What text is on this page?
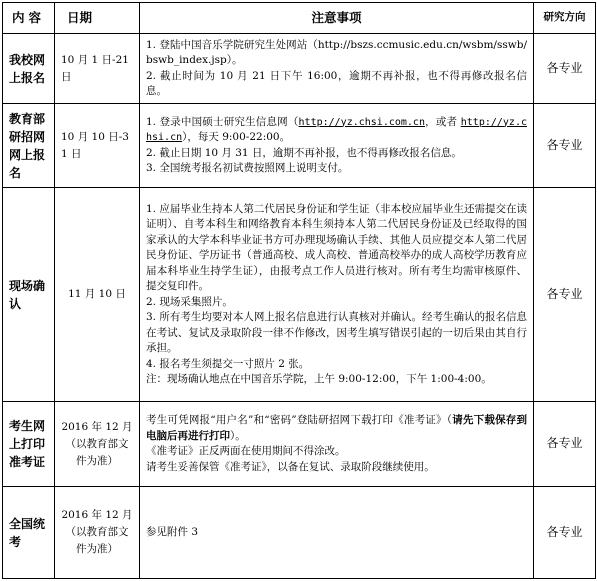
内容	日期	注意事项	研究方向
我校网上报名	10 月 1 日-21 日	1. 登陆中国音乐学院研究生处网站（http://bszs.ccmusic.edu.cn/wsbm/sswb/bswb_index.jsp）。
2. 截止时间为 10 月 21 日下午 16:00，逾期不再补报，也不得再修改报名信息。	各专业
教育部研招网网上报名	10 月 10 日-31 日	1. 登录中国硕士研究生信息网（http://yz.chsi.com.cn，或者 http://yz.chsi.cn），每天 9:00-22:00。
2. 截止日期 10 月 31 日，逾期不再补报，也不得再修改报名信息。
3. 全国统考报名初试费按照网上说明支付。	各专业
现场确认	11 月 10 日	1. 应届毕业生持本人第二代居民身份证和学生证（非本校应届毕业生还需提交在读证明）、自考本科生和网络教育本科生须持本人第二代居民身份证及已经取得的国家承认的大学本科毕业证书方可办理现场确认手续、其他人员应提交本人第二代居民身份证、学历证书（普通高校、成人高校、普通高校举办的成人高校学历教育应届本科毕业生持学生证），由报考点工作人员进行核对。所有考生均需审核原件、提交复印件。
2. 现场采集照片。
3. 所有考生均要对本人网上报名信息进行认真核对并确认。经考生确认的报名信息在考试、复试及录取阶段一律不作修改，因考生填写错误引起的一切后果由其自行承担。
4. 报名考生须提交一寸照片 2 张。
注：现场确认地点在中国音乐学院，上午 9:00-12:00，下午 1:00-4:00。	各专业
考生网上打印准考证	2016 年 12 月（以教育部文件为准）	考生可凭网报“用户名”和“密码”登陆研招网下载打印《准考证》（请先下载保存到电脑后再进行打印）。
《准考证》正反两面在使用期间不得涂改。
请考生妥善保管《准考证》，以备在复试、录取阶段继续使用。	各专业
全国统考	2016 年 12 月（以教育部文件为准）	参见附件 3	各专业
